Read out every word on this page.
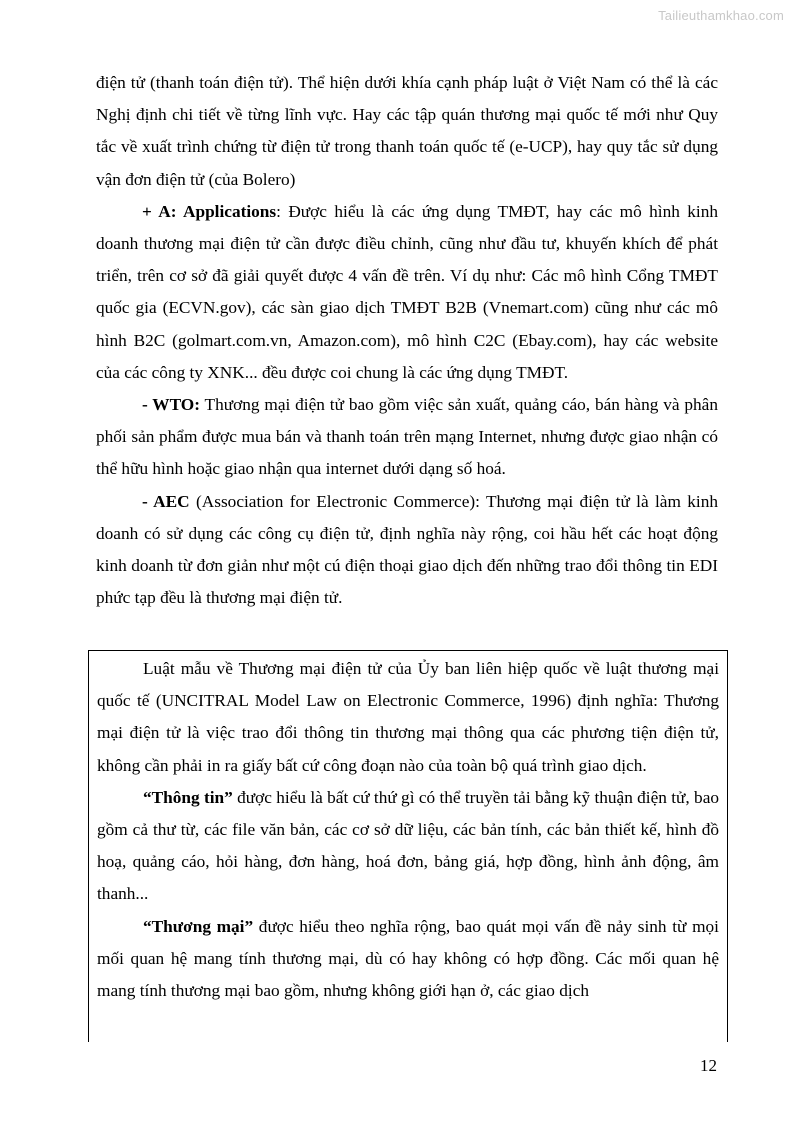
Tailieuthamkhao.com

điện tử (thanh toán điện tử). Thể hiện dưới khía cạnh pháp luật ở Việt Nam có thể là các Nghị định chi tiết về từng lĩnh vực. Hay các tập quán thương mại quốc tế mới như Quy tắc về xuất trình chứng từ điện tử trong thanh toán quốc tế (e-UCP), hay quy tắc sử dụng vận đơn điện tử (của Bolero)

+ A: Applications: Được hiểu là các ứng dụng TMĐT, hay các mô hình kinh doanh thương mại điện tử cần được điều chỉnh, cũng như đầu tư, khuyến khích để phát triển, trên cơ sở đã giải quyết được 4 vấn đề trên. Ví dụ như: Các mô hình Cổng TMĐT quốc gia (ECVN.gov), các sàn giao dịch TMĐT B2B (Vnemart.com) cũng như các mô hình B2C (golmart.com.vn, Amazon.com), mô hình C2C (Ebay.com), hay các website của các công ty XNK... đều được coi chung là các ứng dụng TMĐT.

- WTO: Thương mại điện tử bao gồm việc sản xuất, quảng cáo, bán hàng và phân phối sản phẩm được mua bán và thanh toán trên mạng Internet, nhưng được giao nhận có thể hữu hình hoặc giao nhận qua internet dưới dạng số hoá.

- AEC (Association for Electronic Commerce): Thương mại điện tử là làm kinh doanh có sử dụng các công cụ điện tử, định nghĩa này rộng, coi hầu hết các hoạt động kinh doanh từ đơn giản như một cú điện thoại giao dịch đến những trao đổi thông tin EDI phức tạp đều là thương mại điện tử.

Luật mẫu về Thương mại điện tử của Ủy ban liên hiệp quốc về luật thương mại quốc tế (UNCITRAL Model Law on Electronic Commerce, 1996) định nghĩa: Thương mại điện tử là việc trao đổi thông tin thương mại thông qua các phương tiện điện tử, không cần phải in ra giấy bất cứ công đoạn nào của toàn bộ quá trình giao dịch.

“Thông tin” được hiểu là bất cứ thứ gì có thể truyền tải bằng kỹ thuận điện tử, bao gồm cả thư từ, các file văn bản, các cơ sở dữ liệu, các bản tính, các bản thiết kế, hình đồ hoạ, quảng cáo, hỏi hàng, đơn hàng, hoá đơn, bảng giá, hợp đồng, hình ảnh động, âm thanh...

“Thương mại” được hiểu theo nghĩa rộng, bao quát mọi vấn đề nảy sinh từ mọi mối quan hệ mang tính thương mại, dù có hay không có hợp đồng. Các mối quan hệ mang tính thương mại bao gồm, nhưng không giới hạn ở, các giao dịch

12
